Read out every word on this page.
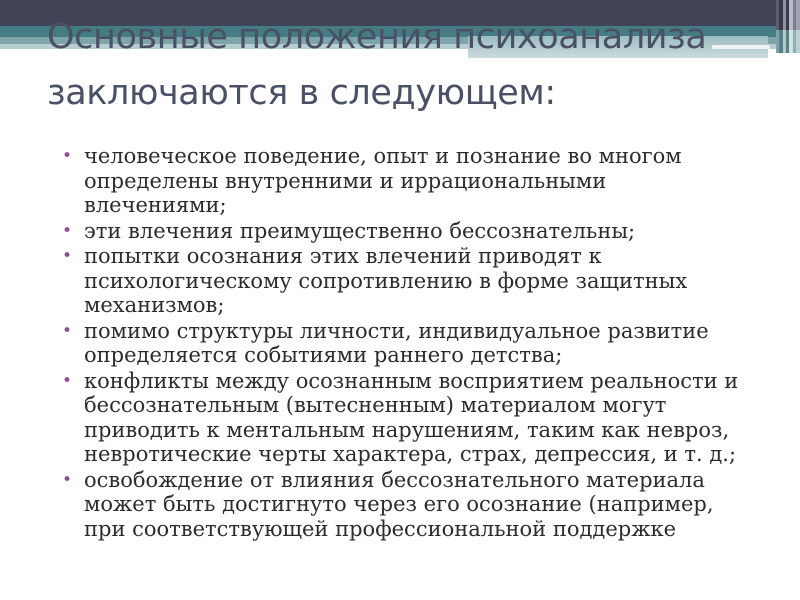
Основные положения психоанализа
заключаются в следующем:
• человеческое поведение, опыт и познание во многом определены внутренними и иррациональными влечениями;
• эти влечения преимущественно бессознательны;
• попытки осознания этих влечений приводят к психологическому сопротивлению в форме защитных механизмов;
• помимо структуры личности, индивидуальное развитие определяется событиями раннего детства;
• конфликты между осознанным восприятием реальности и бессознательным (вытесненным) материалом могут приводить к ментальным нарушениям, таким как невроз, невротические черты характера, страх, депрессия, и т. д.;
• освобождение от влияния бессознательного материала может быть достигнуто через его осознание (например, при соответствующей профессиональной поддержке
